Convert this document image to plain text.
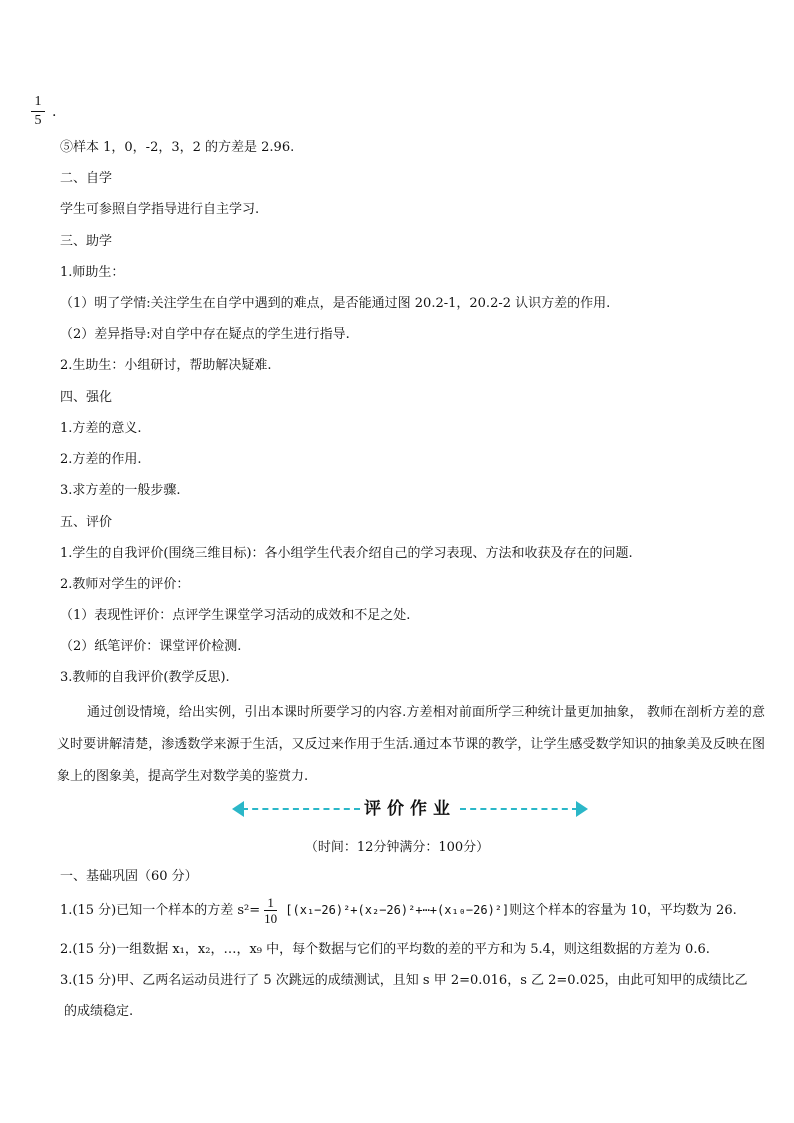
1
5
.
⑤样本 1，0，-2，3，2 的方差是 2.96.
二、自学
学生可参照自学指导进行自主学习.
三、助学
1.师助生：
（1）明了学情:关注学生在自学中遇到的难点，是否能通过图 20.2-1，20.2-2 认识方差的作用.
（2）差异指导:对自学中存在疑点的学生进行指导.
2.生助生：小组研讨，帮助解决疑难.
四、强化
1.方差的意义.
2.方差的作用.
3.求方差的一般步骤.
五、评价
1.学生的自我评价(围绕三维目标)：各小组学生代表介绍自己的学习表现、方法和收获及存在的问题.
2.教师对学生的评价：
（1）表现性评价：点评学生课堂学习活动的成效和不足之处.
（2）纸笔评价：课堂评价检测.
3.教师的自我评价(教学反思).
通过创设情境，给出实例，引出本课时所要学习的内容.方差相对前面所学三种统计量更加抽象， 教师在剖析方差的意义时要讲解清楚，渗透数学来源于生活，又反过来作用于生活.通过本节课的教学，让学生感受数学知识的抽象美及反映在图象上的图象美，提高学生对数学美的鉴赏力.
评价作业
（时间：12分钟满分：100分）
一、基础巩固（60 分）
1.(15 分)已知一个样本的方差 $s^2= \frac{1}{10}$ [(x₁−26)²+(x₂−26)²+⋯+(x₁₀−26)²]则这个样本的容量为 10，平均数为 26.
2.(15 分)一组数据 x₁，x₂，…，x₉ 中，每个数据与它们的平均数的差的平方和为 5.4，则这组数据的方差为 0.6.
3.(15 分)甲、乙两名运动员进行了 5 次跳远的成绩测试，且知 s 甲 2=0.016，s 乙 2=0.025，由此可知甲的成绩比乙
的成绩稳定.
